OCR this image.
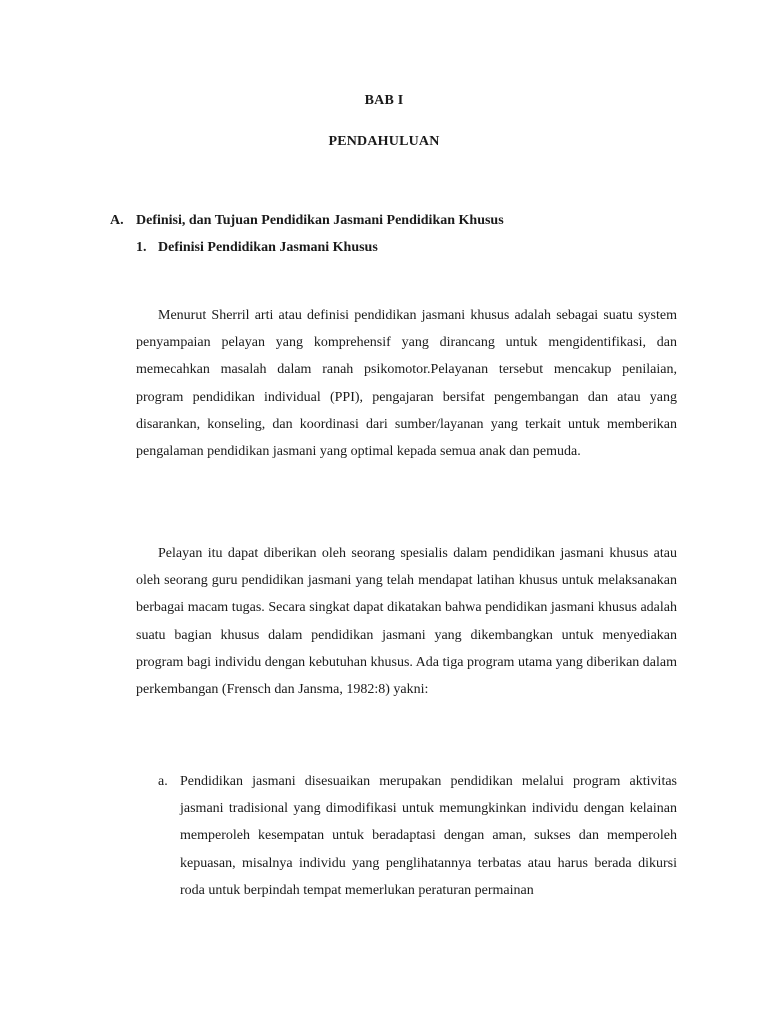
BAB I
PENDAHULUAN
A. Definisi, dan Tujuan Pendidikan Jasmani Pendidikan Khusus
1. Definisi Pendidikan Jasmani Khusus

Menurut Sherril arti atau definisi pendidikan jasmani khusus adalah sebagai suatu system penyampaian pelayan yang komprehensif yang dirancang untuk mengidentifikasi, dan memecahkan masalah dalam ranah psikomotor.Pelayanan tersebut mencakup penilaian, program pendidikan individual (PPI), pengajaran bersifat pengembangan dan atau yang disarankan, konseling, dan koordinasi dari sumber/layanan yang terkait untuk memberikan pengalaman pendidikan jasmani yang optimal kepada semua anak dan pemuda.

Pelayan itu dapat diberikan oleh seorang spesialis dalam pendidikan jasmani khusus atau oleh seorang guru pendidikan jasmani yang telah mendapat latihan khusus untuk melaksanakan berbagai macam tugas. Secara singkat dapat dikatakan bahwa pendidikan jasmani khusus adalah suatu bagian khusus dalam pendidikan jasmani yang dikembangkan untuk menyediakan program bagi individu dengan kebutuhan khusus. Ada tiga program utama yang diberikan dalam perkembangan (Frensch dan Jansma, 1982:8) yakni:

a. Pendidikan jasmani disesuaikan merupakan pendidikan melalui program aktivitas jasmani tradisional yang dimodifikasi untuk memungkinkan individu dengan kelainan memperoleh kesempatan untuk beradaptasi dengan aman, sukses dan memperoleh kepuasan, misalnya individu yang penglihatannya terbatas atau harus berada dikursi roda untuk berpindah tempat memerlukan peraturan permainan
